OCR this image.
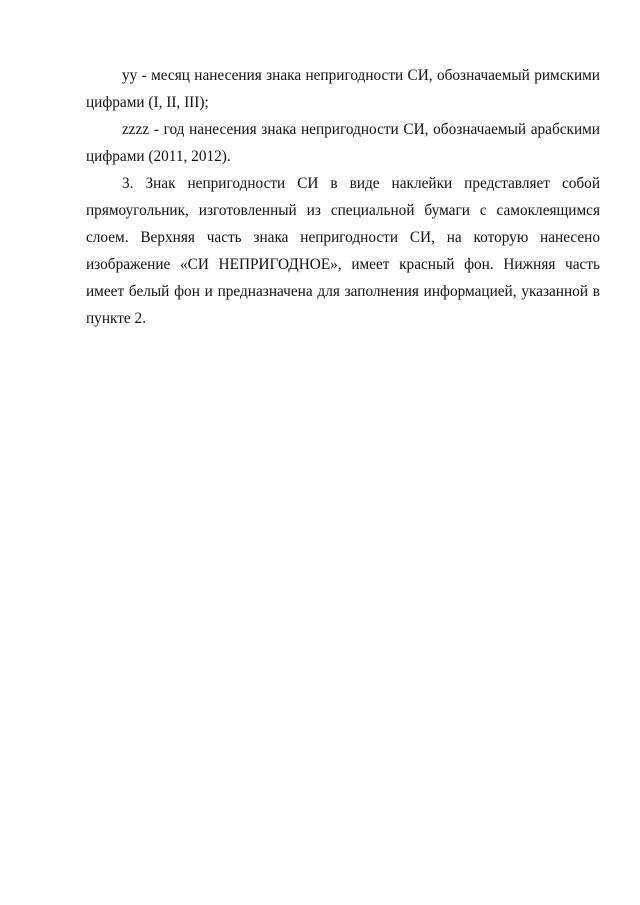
уу - месяц нанесения знака непригодности СИ, обозначаемый римскими цифрами (I, II, III);

zzzz - год нанесения знака непригодности СИ, обозначаемый арабскими цифрами (2011, 2012).

3. Знак непригодности СИ в виде наклейки представляет собой прямоугольник, изготовленный из специальной бумаги с самоклеящимся слоем. Верхняя часть знака непригодности СИ, на которую нанесено изображение «СИ НЕПРИГОДНОЕ», имеет красный фон. Нижняя часть имеет белый фон и предназначена для заполнения информацией, указанной в пункте 2.
